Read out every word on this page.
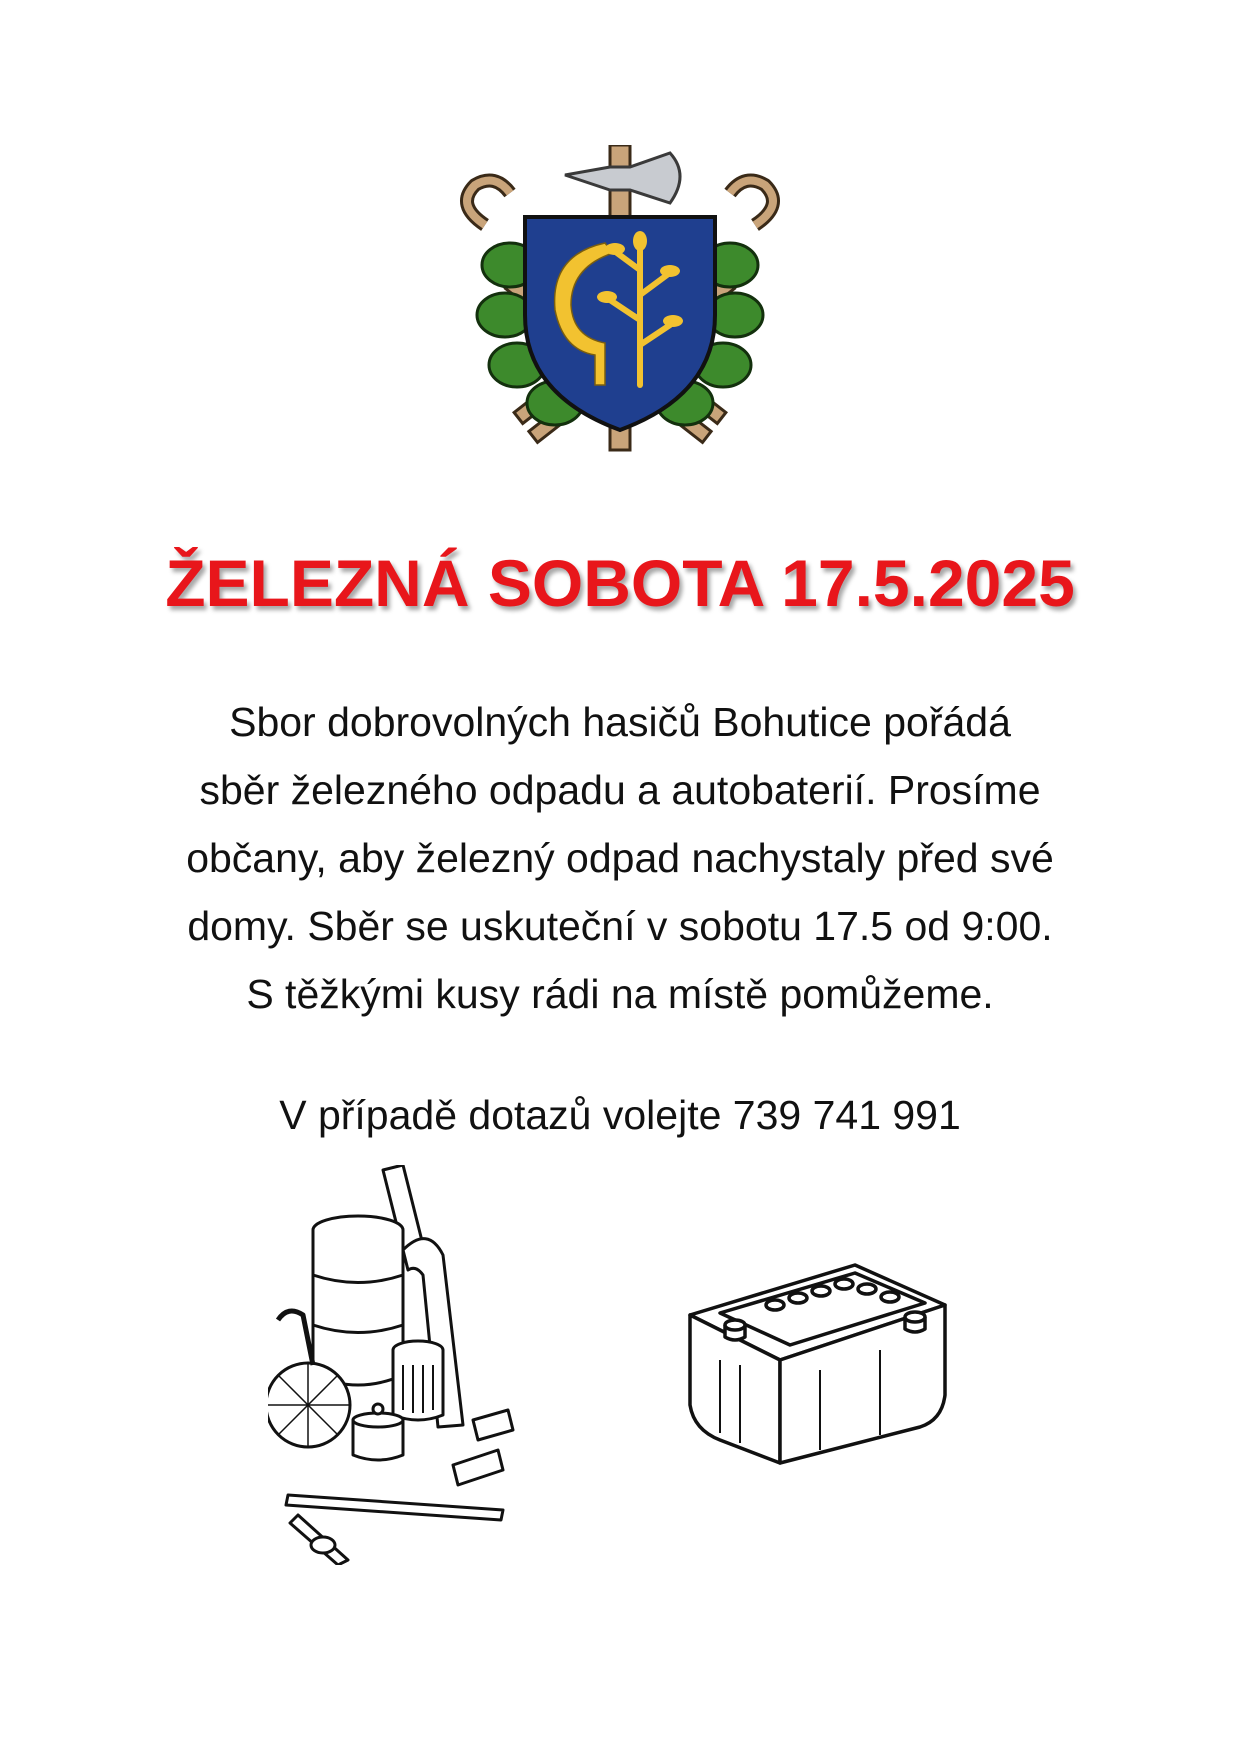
ŽELEZNÁ SOBOTA 17.5.2025
Sbor dobrovolných hasičů Bohutice pořádá
sběr železného odpadu a autobaterií. Prosíme
občany, aby železný odpad nachystaly před své
domy. Sběr se uskuteční v sobotu 17.5 od 9:00.
S těžkými kusy rádi na místě pomůžeme.
V případě dotazů volejte 739 741 991
